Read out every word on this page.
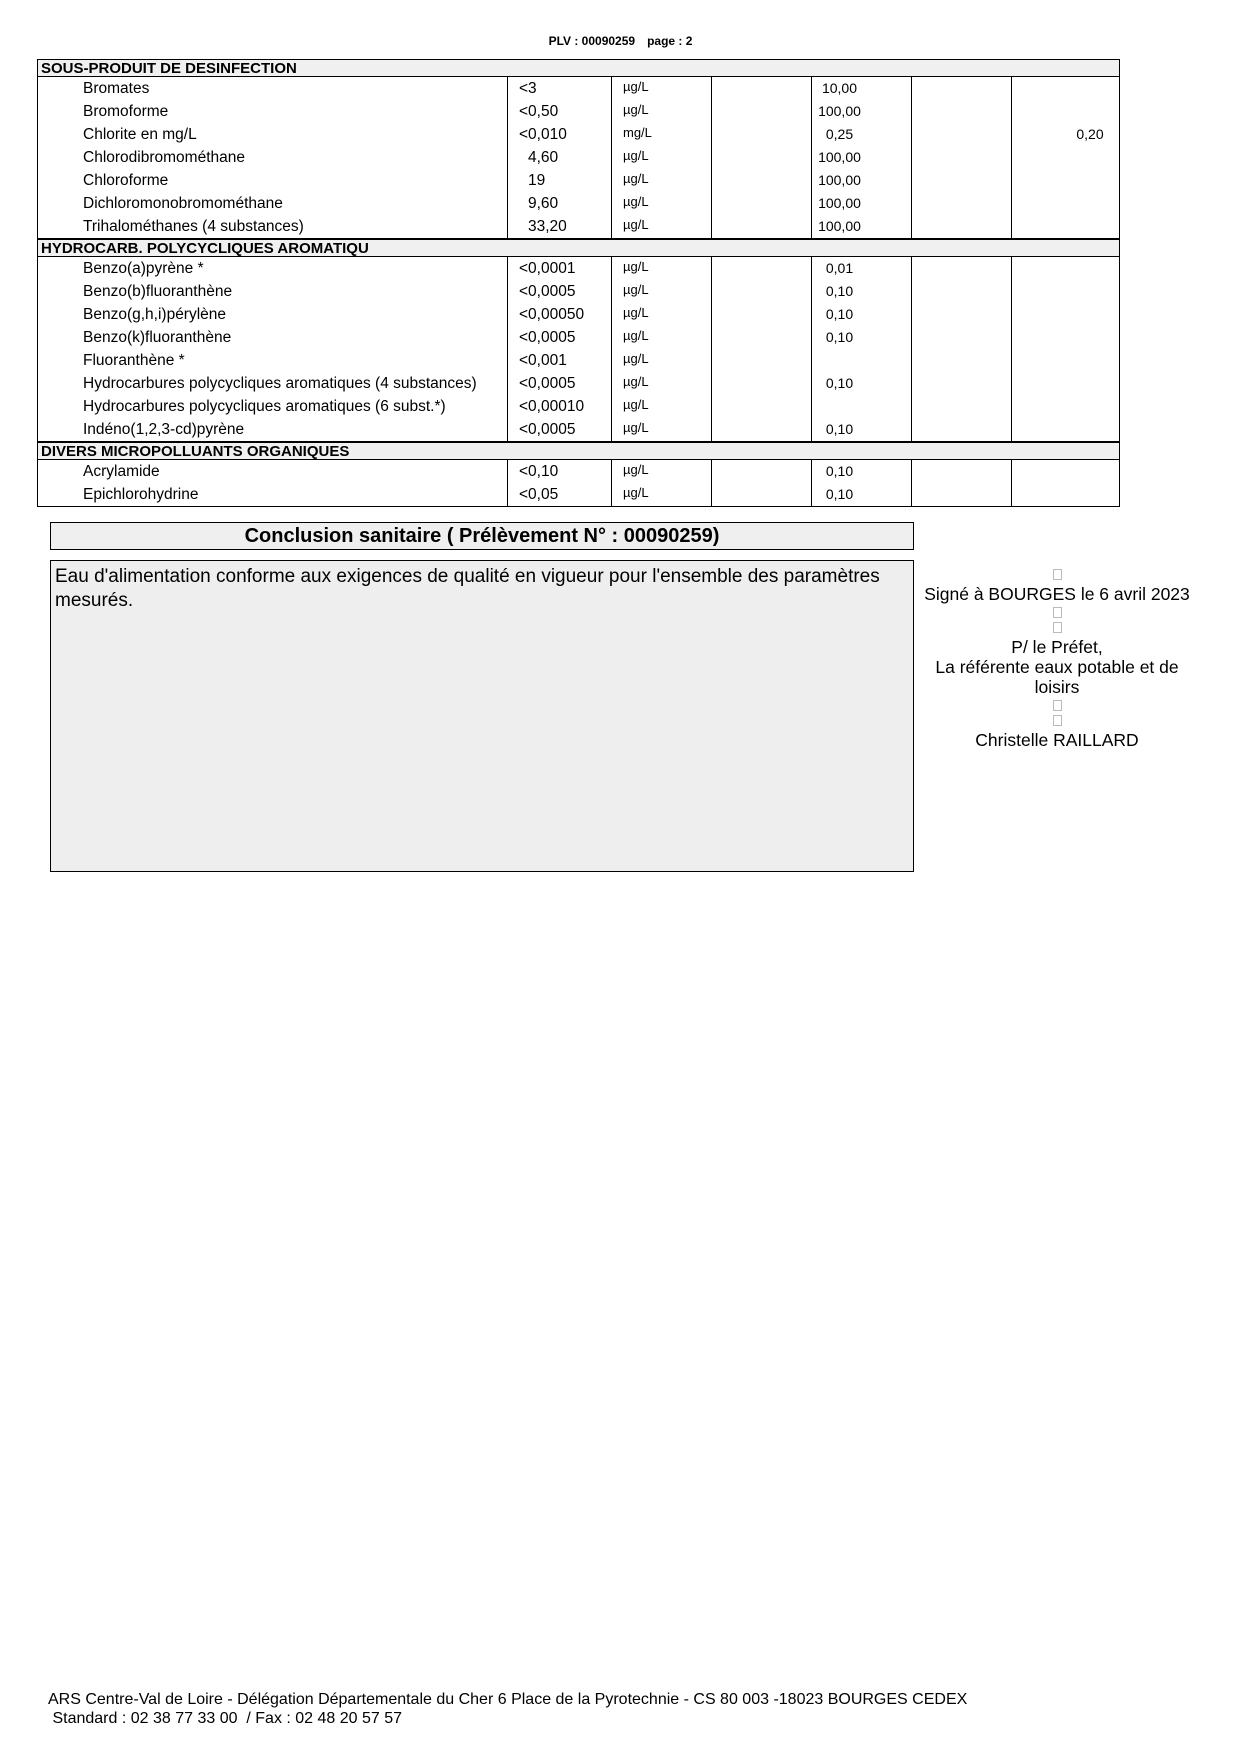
PLV : 00090259 page : 2
SOUS-PRODUIT DE DESINFECTION
Bromates	<3	µg/L	10,00
Bromoforme	<0,50	µg/L	100,00
Chlorite en mg/L	<0,010	mg/L	0,25	0,20
Chlorodibromométhane	4,60	µg/L	100,00
Chloroforme	19	µg/L	100,00
Dichloromonobromométhane	9,60	µg/L	100,00
Trihalométhanes (4 substances)	33,20	µg/L	100,00
HYDROCARB. POLYCYCLIQUES AROMATIQU
Benzo(a)pyrène *	<0,0001	µg/L	0,01
Benzo(b)fluoranthène	<0,0005	µg/L	0,10
Benzo(g,h,i)pérylène	<0,00050	µg/L	0,10
Benzo(k)fluoranthène	<0,0005	µg/L	0,10
Fluoranthène *	<0,001	µg/L
Hydrocarbures polycycliques aromatiques (4 substances)	<0,0005	µg/L	0,10
Hydrocarbures polycycliques aromatiques (6 subst.*)	<0,00010	µg/L
Indéno(1,2,3-cd)pyrène	<0,0005	µg/L	0,10
DIVERS MICROPOLLUANTS ORGANIQUES
Acrylamide	<0,10	µg/L	0,10
Epichlorohydrine	<0,05	µg/L	0,10
Conclusion sanitaire ( Prélèvement N° : 00090259)
Eau d'alimentation conforme aux exigences de qualité en vigueur pour l'ensemble des paramètres mesurés.	Signé à BOURGES le 6 avril 2023
P/ le Préfet,
La référente eaux potable et de loisirs
Christelle RAILLARD
ARS Centre-Val de Loire - Délégation Départementale du Cher 6 Place de la Pyrotechnie - CS 80 003 -18023 BOURGES CEDEX
Standard : 02 38 77 33 00  / Fax : 02 48 20 57 57
